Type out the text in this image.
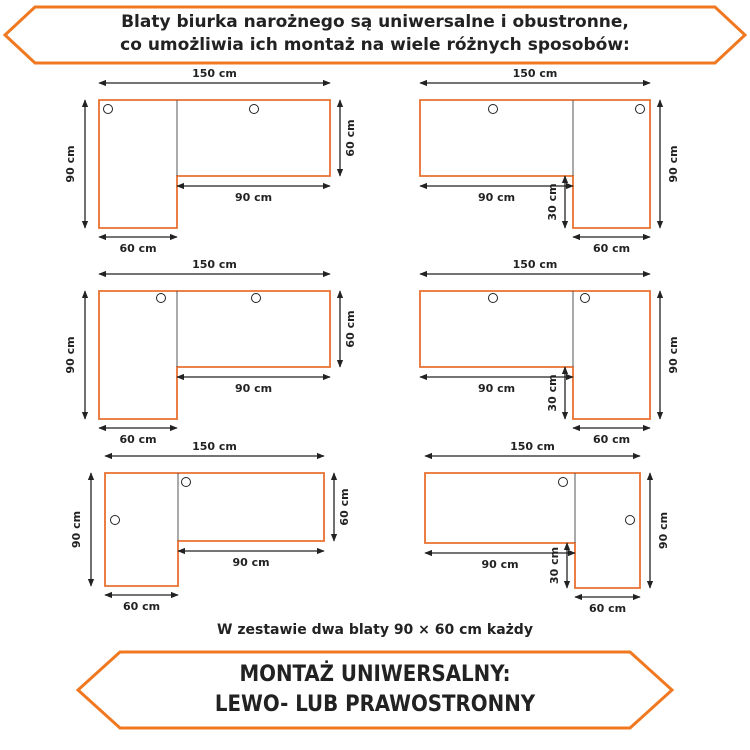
Blaty biurka narożnego są uniwersalne i obustronne,
co umożliwia ich montaż na wiele różnych sposobów:
150 cm
90 cm
60 cm
90 cm
60 cm
150 cm
90 cm
90 cm	30 cm
60 cm
150 cm
90 cm
60 cm
90 cm
60 cm
150 cm
90 cm
90 cm	30 cm
60 cm
150 cm
90 cm
60 cm
90 cm
60 cm
150 cm
90 cm
90 cm	30 cm
60 cm
W zestawie dwa blaty 90 × 60 cm każdy
MONTAŻ UNIWERSALNY:
LEWO- LUB PRAWOSTRONNY
